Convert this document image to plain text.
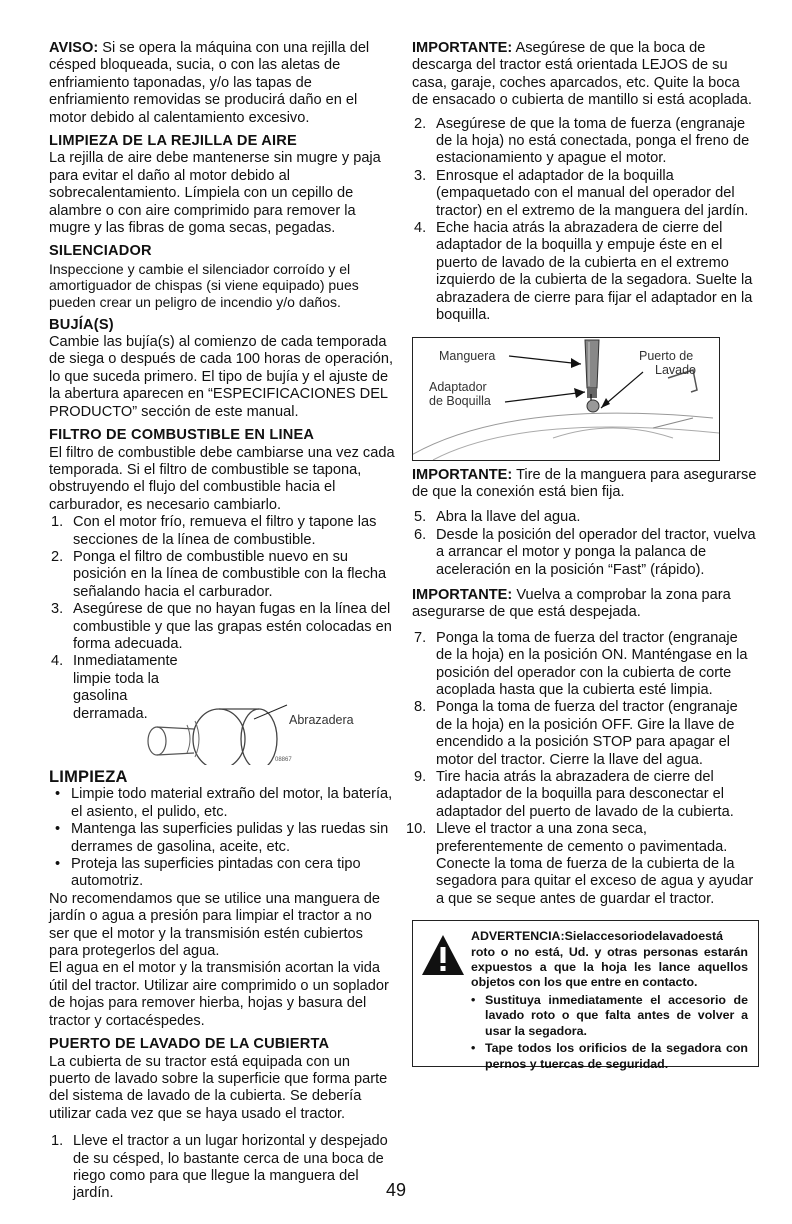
AVISO: Si se opera la máquina con una rejilla del césped bloqueada, sucia, o con las aletas de enfriamiento taponadas, y/o las tapas de enfriamiento removidas se producirá daño en el motor debido al calentamiento excesivo.

LIMPIEZA DE LA REJILLA DE AIRE

La rejilla de aire debe mantenerse sin mugre y paja para evitar el daño al motor debido al sobrecalentamiento. Límpiela con un cepillo de alambre o con aire comprimido para remover la mugre y las fibras de goma secas, pegadas.

SILENCIADOR

Inspeccione y cambie el silenciador corroído y el amortiguador de chispas (si viene equipado) pues pueden crear un peligro de incendio y/o daños.

BUJÍA(S)

Cambie las bujía(s) al comienzo de cada temporada de siega o después de cada 100 horas de operación, lo que suceda primero. El tipo de bujía y el ajuste de la abertura aparecen en “ESPECIFICACIONES DEL PRODUCTO” sección de este manual.

FILTRO DE COMBUSTIBLE EN LINEA

El filtro de combustible debe cambiarse una vez cada temporada. Si el filtro de combustible se tapona, obstruyendo el flujo del combustible hacia el carburador, es necesario cambiarlo.

1. Con el motor frío, remueva el filtro y tapone las secciones de la línea de combustible.
2. Ponga el filtro de combustible nuevo en su posición en la línea de combustible con la flecha señalando hacia el carburador.
3. Asegúrese de que no hayan fugas en la línea del combustible y que las grapas estén colocadas en forma adecuada.
4. Inmediatamente limpie toda la gasolina derramada.
08867
Abrazadera

LIMPIEZA

• Limpie todo material extraño del motor, la batería, el asiento, el pulido, etc.
• Mantenga las superficies pulidas y las ruedas sin derrames de gasolina, aceite, etc.
• Proteja las superficies pintadas con cera tipo automotriz.

No recomendamos que se utilice una manguera de jardín o agua a presión para limpiar el tractor a no ser que el motor y la transmisión estén cubiertos para protegerlos del agua.

El agua en el motor y la transmisión acortan la vida útil del tractor. Utilizar aire comprimido o un soplador de hojas para remover hierba, hojas y basura del tractor y cortacéspedes.

PUERTO DE LAVADO DE LA CUBIERTA

La cubierta de su tractor está equipada con un puerto de lavado sobre la superficie que forma parte del sistema de lavado de la cubierta. Se debería utilizar cada vez que se haya usado el tractor.

1. Lleve el tractor a un lugar horizontal y despejado de su césped, lo bastante cerca de una boca de riego como para que llegue la manguera del jardín.

IMPORTANTE: Asegúrese de que la boca de descarga del tractor está orientada LEJOS de su casa, garaje, coches aparcados, etc. Quite la boca de ensacado o cubierta de mantillo si está acoplada.

2. Asegúrese de que la toma de fuerza (engranaje de la hoja) no está conectada, ponga el freno de estacionamiento y apague el motor.
3. Enrosque el adaptador de la boquilla (empaquetado con el manual del operador del tractor) en el extremo de la manguera del jardín.
4. Eche hacia atrás la abrazadera de cierre del adaptador de la boquilla y empuje éste en el puerto de lavado de la cubierta en el extremo izquierdo de la cubierta de la segadora. Suelte la abrazadera de cierre para fijar el adaptador en la boquilla.
Manguera
Adaptador
de Boquilla
Puerto de
Lavado

IMPORTANTE: Tire de la manguera para asegurarse de que la conexión está bien fija.

5. Abra la llave del agua.
6. Desde la posición del operador del tractor, vuelva a arrancar el motor y ponga la palanca de aceleración en la posición “Fast” (rápido).

IMPORTANTE: Vuelva a comprobar la zona para asegurarse de que está despejada.

7. Ponga la toma de fuerza del tractor (engranaje de la hoja) en la posición ON. Manténgase en la posición del operador con la cubierta de corte acoplada hasta que la cubierta esté limpia.
8. Ponga la toma de fuerza del tractor (engranaje de la hoja) en la posición OFF. Gire la llave de encendido a la posición STOP para apagar el motor del tractor. Cierre la llave del agua.
9. Tire hacia atrás la abrazadera de cierre del adaptador de la boquilla para desconectar el adaptador del puerto de lavado de la cubierta.
10. Lleve el tractor a una zona seca, preferentemente de cemento o pavimentada. Conecte la toma de fuerza de la cubierta de la segadora para quitar el exceso de agua y ayudar a que se seque antes de guardar el tractor.

ADVERTENCIA:Sielaccesoriodelavadoestá roto o no está, Ud. y otras personas estarán expuestos a que la hoja les lance aquellos objetos con los que entre en contacto.

• Sustituya inmediatamente el accesorio de lavado roto o que falta antes de volver a usar la segadora.
• Tape todos los orificios de la segadora con pernos y tuercas de seguridad.
49
